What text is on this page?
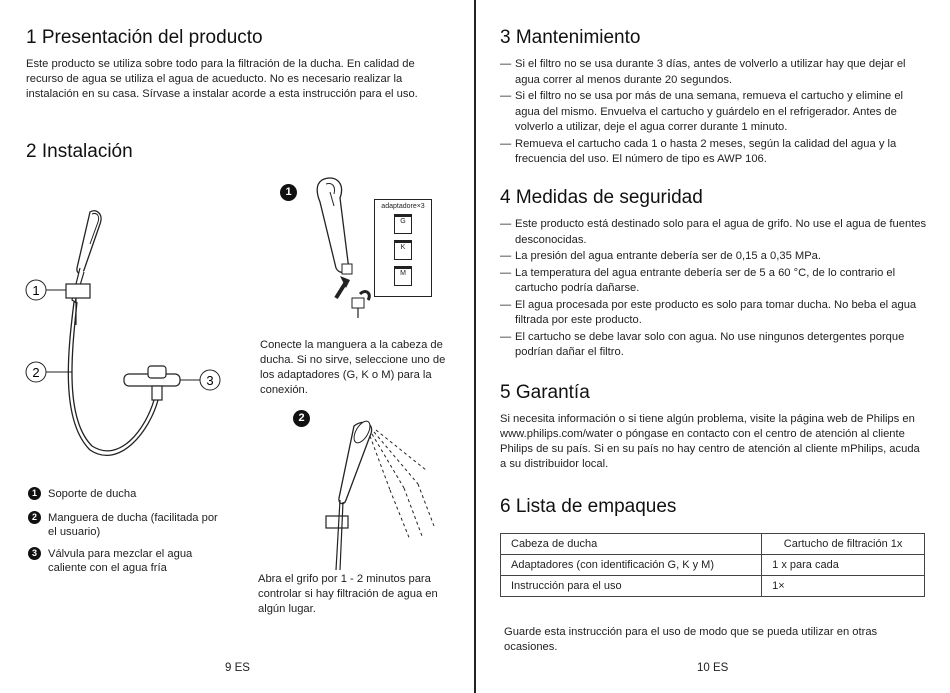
1 Presentación del producto

Este producto se utiliza sobre todo para la filtración de la ducha. En calidad de recurso de agua se utiliza el agua de acueducto. No es necesario realizar la instalación en su casa. Sírvase a instalar acorde a esta instrucción para el uso.

2 Instalación
1
2
3
1
adaptadore×3
G
K
M

Conecte la manguera a la cabeza de ducha. Si no sirve, seleccione uno de los adaptadores (G, K o M) para la conexión.

2

Abra el grifo por 1 - 2 minutos para controlar si hay filtración de agua en algún lugar.

1 Soporte de ducha
2 Manguera de ducha (facilitada por el usuario)
3 Válvula para mezclar el agua caliente con el agua fría
9 ES
3 Mantenimiento
— Si el filtro no se usa durante 3 días, antes de volverlo a utilizar hay que dejar el agua correr al menos durante 20 segundos.
— Si el filtro no se usa por más de una semana, remueva el cartucho y elimine el agua del mismo. Envuelva el cartucho y guárdelo en el refrigerador. Antes de volverlo a utilizar, deje el agua correr durante 1 minuto.
— Remueva el cartucho cada 1 o hasta 2 meses, según la calidad del agua y la frecuencia del uso. El número de tipo es AWP 106.
4 Medidas de seguridad
— Este producto está destinado solo para el agua de grifo. No use el agua de fuentes desconocidas.
— La presión del agua entrante debería ser de 0,15 a 0,35 MPa.
— La temperatura del agua entrante debería ser de 5 a 60 °C, de lo contrario el cartucho podría dañarse.
— El agua procesada por este producto es solo para tomar ducha. No beba el agua filtrada por este producto.
— El cartucho se debe lavar solo con agua. No use ningunos detergentes porque podrían dañar el filtro.
5 Garantía

Si necesita información o si tiene algún problema, visite la página web de Philips en www.philips.com/water o póngase en contacto con el centro de atención al cliente Philips de su país. Si en su país no hay centro de atención al cliente mPhilips, acuda a su distribuidor local.

6 Lista de empaques
Cabeza de ducha	Cartucho de filtración 1x
Adaptadores (con identificación G, K y M)	1 x para cada
Instrucción para el uso	1×

Guarde esta instrucción para el uso de modo que se pueda utilizar en otras ocasiones.

10 ES
